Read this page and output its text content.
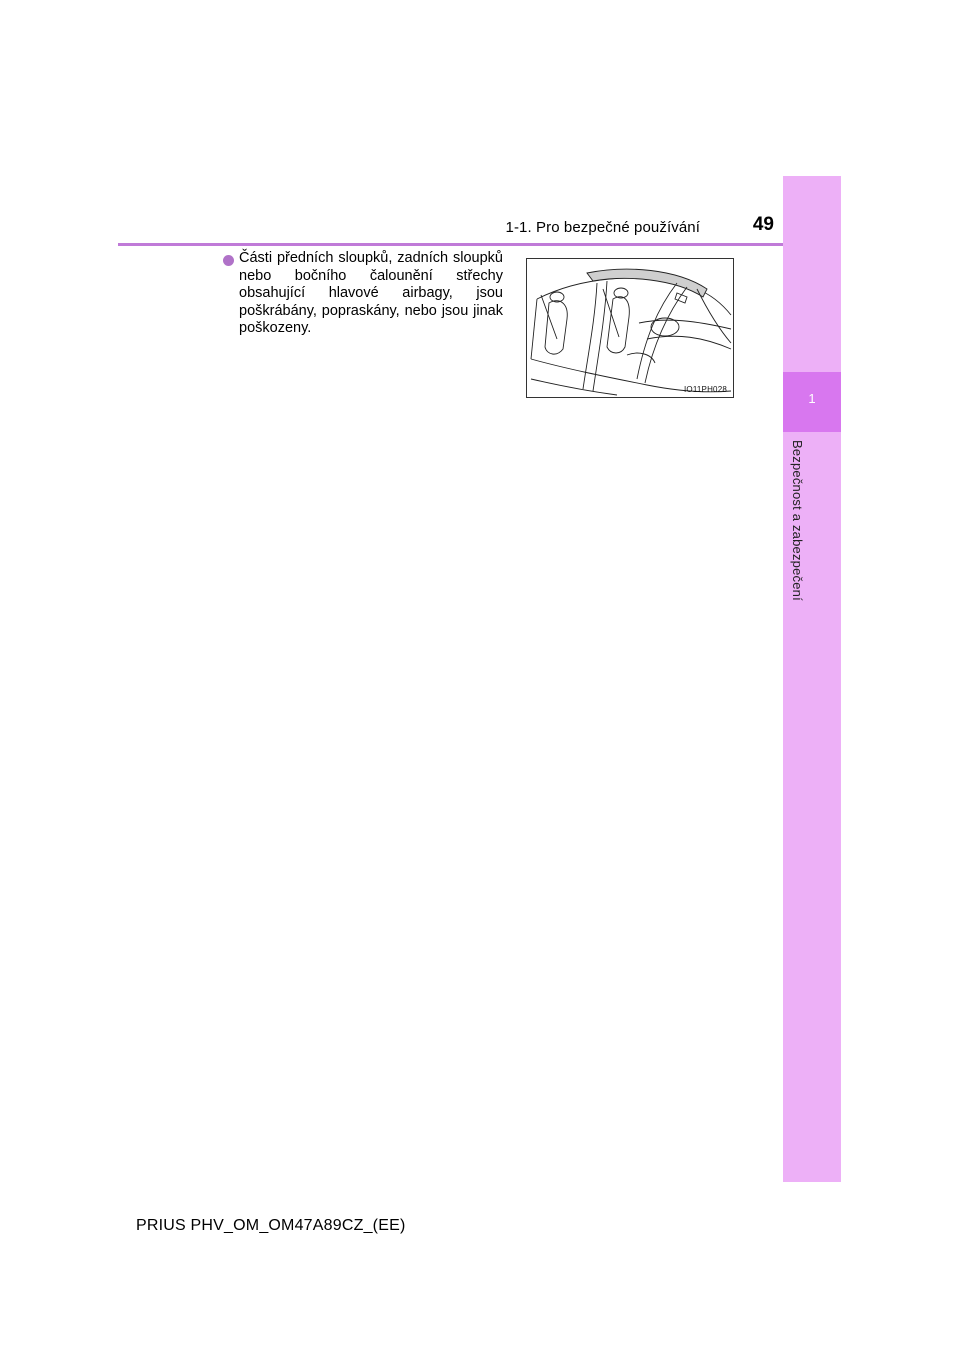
1-1. Pro bezpečné používání	49
1
Bezpečnost a zabezpečení
Části předních sloupků, zadních sloupků nebo bočního čalounění střechy obsahující hlavové airbagy, jsou poškrábány, popraskány, nebo jsou jinak poškozeny.
IO11PH028
PRIUS PHV_OM_OM47A89CZ_(EE)
